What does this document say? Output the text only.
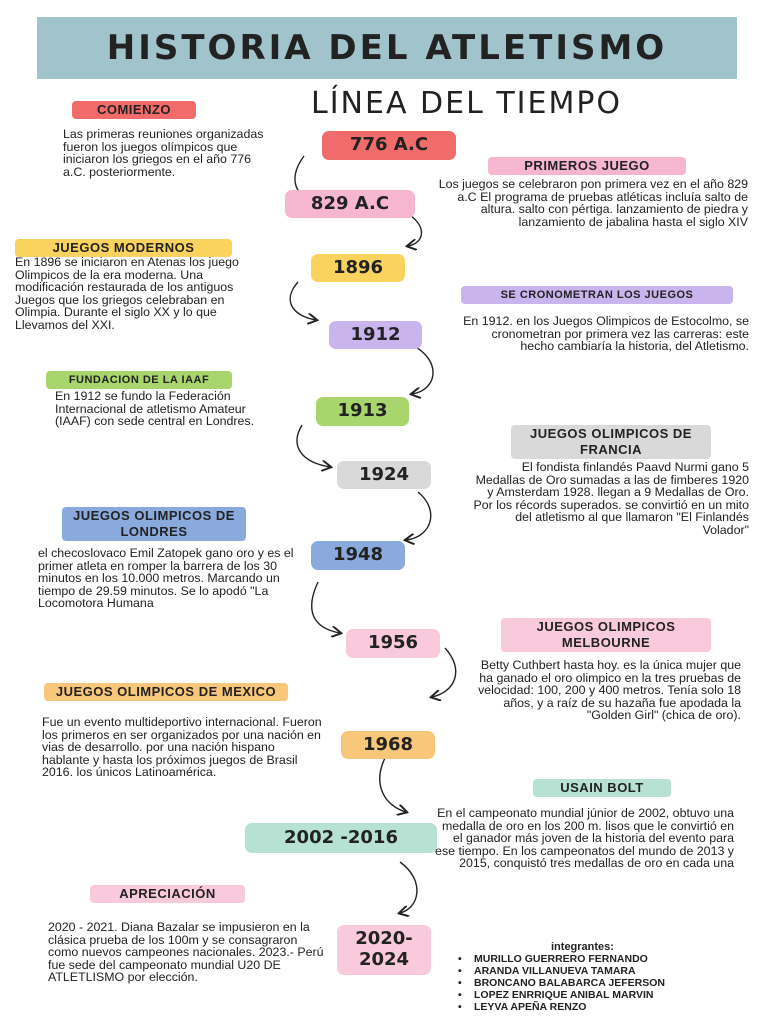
HISTORIA DEL ATLETISMO
LÍNEA DEL TIEMPO
776 A.C
829 A.C
1896
1912
1913
1924
1948
1956
1968
2002 -2016
2020-
2024
COMIENZO
PRIMEROS JUEGO
JUEGOS MODERNOS
SE CRONOMETRAN LOS JUEGOS
FUNDACION DE LA IAAF
JUEGOS OLIMPICOS DE FRANCIA
JUEGOS OLIMPICOS DE LONDRES
JUEGOS OLIMPICOS MELBOURNE
JUEGOS OLIMPICOS DE MEXICO
USAIN BOLT
APRECIACIÓN
Las primeras reuniones organizadas fueron los juegos olímpicos que iniciaron los griegos en el año 776 a.C. posteriormente.
Los juegos se celebraron pon primera vez en el año 829 a.C El programa de pruebas atléticas incluía salto de altura. salto con pértiga. lanzamiento de piedra y lanzamiento de jabalina hasta el siglo XIV
En 1896 se iniciaron en Atenas los juego Olimpicos de la era moderna. Una modificación restaurada de los antiguos Juegos que los griegos celebraban en Olimpia. Durante el siglo XX y lo que Llevamos del XXI.	En 1912. en los Juegos Olimpicos de Estocolmo, se cronometran por primera vez las carreras: este hecho cambiaría la historia, del Atletismo.
En 1912 se fundo la Federación Internacional de atletismo Amateur (IAAF) con sede central en Londres.
El fondista finlandés Paavd Nurmi gano 5 Medallas de Oro sumadas a las de fimberes 1920 y Amsterdam 1928. llegan a 9 Medallas de Oro. Por los récords superados. se convirtió en un mito del atletismo al que llamaron "El Finlandés Volador"
el checoslovaco Emil Zatopek gano oro y es el primer atleta en romper la barrera de los 30 minutos en los 10.000 metros. Marcando un tiempo de 29.59 minutos. Se lo apodó "La Locomotora Humana
Betty Cuthbert hasta hoy. es la única mujer que ha ganado el oro olimpico en la tres pruebas de velocidad: 100, 200 y 400 metros. Tenía solo 18 años, y a raíz de su hazaña fue apodada la "Golden Girl" (chica de oro).
Fue un evento multideportivo internacional. Fueron los primeros en ser organizados por una nación en vias de desarrollo. por una nación hispano hablante y hasta los próximos juegos de Brasil 2016. los únicos Latinoamérica.
En el campeonato mundial júnior de 2002, obtuvo una medalla de oro en los 200 m. lisos que le convirtió en el ganador más joven de la historia del evento para ese tiempo. En los campeonatos del mundo de 2013 y 2015, conquistó tres medallas de oro en cada una
2020 - 2021. Diana Bazalar se impusieron en la clásica prueba de los 100m y se consagraron como nuevos campeones nacionales. 2023.- Perú fue sede del campeonato mundial U20 DE ATLETLISMO por elección.
integrantes:
• MURILLO GUERRERO FERNANDO
• ARANDA VILLANUEVA TAMARA
• BRONCANO BALABARCA JEFERSON
• LOPEZ ENRRIQUE ANIBAL MARVIN
• LEYVA APEÑA RENZO
